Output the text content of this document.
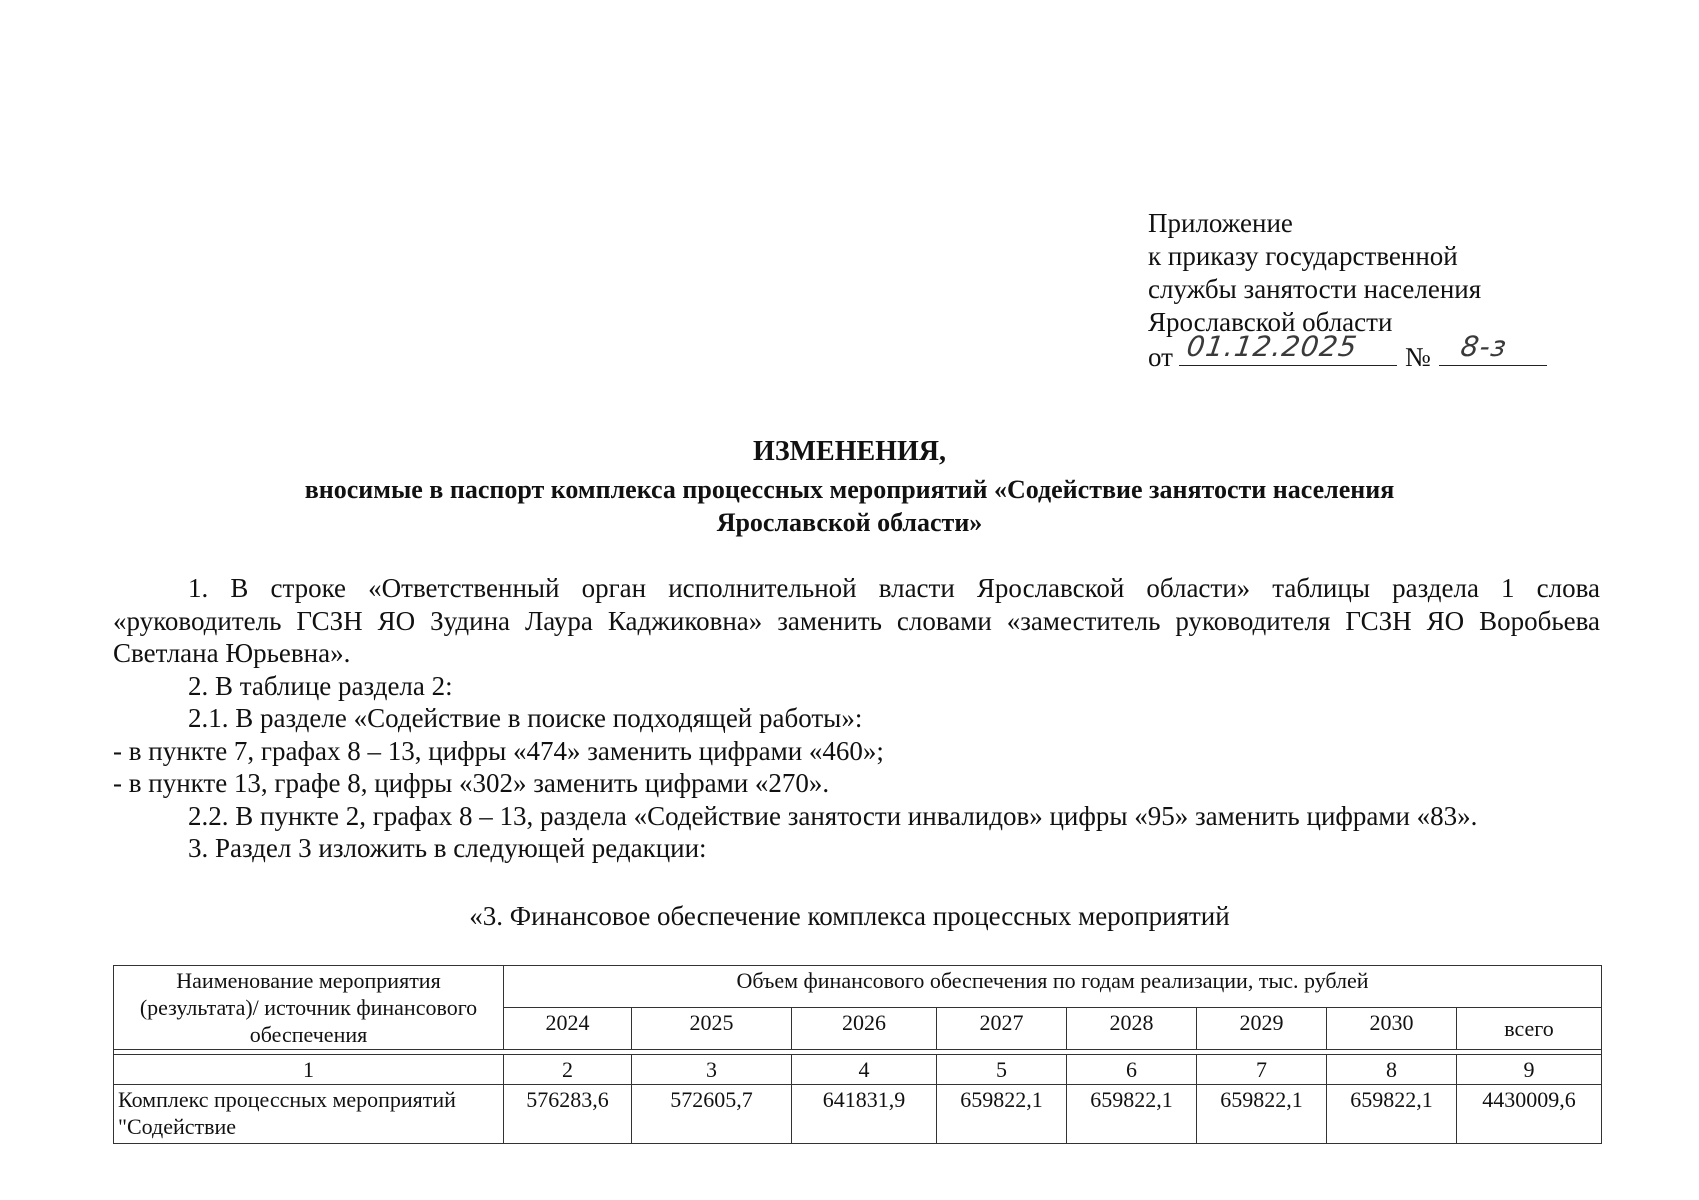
Приложение
к приказу государственной
службы занятости населения
Ярославской области
от 01.12.2025 № 8-з
ИЗМЕНЕНИЯ,
вносимые в паспорт комплекса процессных мероприятий «Содействие занятости населения
Ярославской области»

1. В строке «Ответственный орган исполнительной власти Ярославской области» таблицы раздела 1 слова

«руководитель ГСЗН ЯО Зудина Лаура Каджиковна» заменить словами «заместитель руководителя ГСЗН ЯО Воробьева

Светлана Юрьевна».

2. В таблице раздела 2:

2.1. В разделе «Содействие в поиске подходящей работы»:

- в пункте 7, графах 8 – 13, цифры «474» заменить цифрами «460»;

- в пункте 13, графе 8, цифры «302» заменить цифрами «270».

2.2. В пункте 2, графах 8 – 13, раздела «Содействие занятости инвалидов» цифры «95» заменить цифрами «83».

3. Раздел 3 изложить в следующей редакции:

«3. Финансовое обеспечение комплекса процессных мероприятий
Наименование мероприятия (результата)/ источник финансового обеспечения	Объем финансового обеспечения по годам реализации, тыс. рублей							
	2024	2025	2026	2027	2028	2029	2030	всего

1	2	3	4	5	6	7	8	9
Комплекс процессных мероприятий "Содействие	576283,6	572605,7	641831,9	659822,1	659822,1	659822,1	659822,1	4430009,6
